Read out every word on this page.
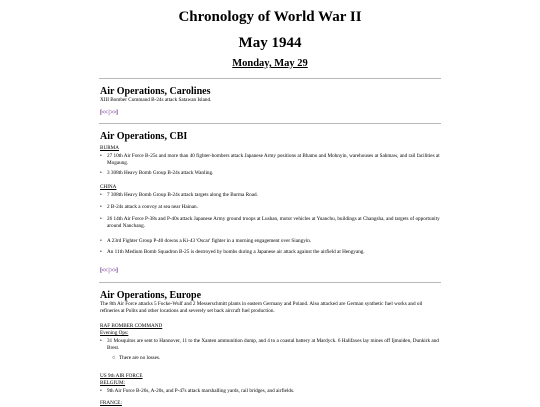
Chronology of World War II
May 1944
Monday, May 29
Air Operations, Carolines
XIII Bomber Command B-24s attack Satawan Island.
[<< | >>]
Air Operations, CBI
BURMA
• 27 10th Air Force B-25s and more than 40 fighter-bombers attack Japanese Army positions at Bhamo and Mohnyin, warehouses at Sahmaw, and rail facilities at Mogaung.
• 3 308th Heavy Bomb Group B-24s attack Wanling.
CHINA
• 7 308th Heavy Bomb Group B-24s attack targets along the Burma Road.
• 2 B-24s attack a convoy at sea near Hainan.
• 26 14th Air Force P-38s and P-40s attack Japanese Army ground troops at Lushan, motor vehicles at Yuanchu, buildings at Changsha, and targets of opportunity around Nanchang.
• A 23rd Fighter Group P-40 downs a Ki-43 'Oscar' fighter in a morning engagement over Siangyin.
• An 11th Medium Bomb Squadron B-25 is destroyed by bombs during a Japanese air attack against the airfield at Hengyang.
[<< | >>]
Air Operations, Europe
The 8th Air Force attacks 5 Focke-Wulf and 2 Messerschmitt plants in eastern Germany and Poland. Also attacked are German synthetic fuel works and oil refineries at Polits and other locations and severely set back aircraft fuel production.
RAF BOMBER COMMAND
Evening Ops:
• 31 Mosquitos are sent to Hannover, 11 to the Xanten ammunition dump, and 4 to a coastal battery at Mardyck. 6 Halifaxes lay mines off Ijmuiden, Dunkirk and Brest.
○ There are no losses.
US 9th AIR FORCE
BELGIUM:
• 9th Air Force B-26s, A-20s, and P-47s attack marshalling yards, rail bridges, and airfields.
FRANCE:
